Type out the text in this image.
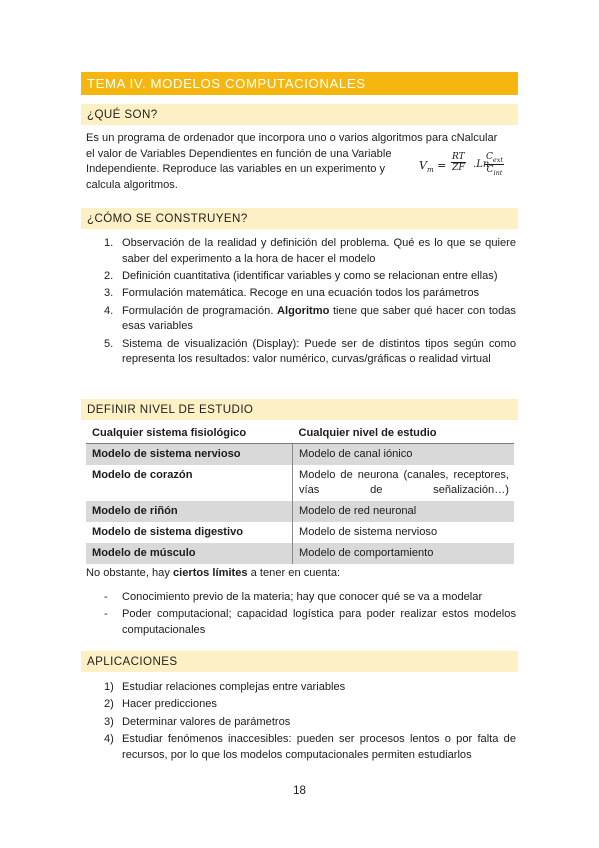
TEMA IV. MODELOS COMPUTACIONALES
¿QUÉ SON?
Es un programa de ordenador que incorpora uno o varios algoritmos para cNalcular
el valor de Variables Dependientes en función de una Variable
Independiente. Reproduce las variables en un experimento y
calcula algoritmos.
$V_m = \frac{RT}{ZF} .Ln$
$C_{ext}$
$C_{int}$
¿CÓMO SE CONSTRUYEN?
1. Observación de la realidad y definición del problema. Qué es lo que se quiere saber del experimento a la hora de hacer el modelo
2. Definición cuantitativa (identificar variables y como se relacionan entre ellas)
3. Formulación matemática. Recoge en una ecuación todos los parámetros
4. Formulación de programación. Algoritmo tiene que saber qué hacer con todas esas variables
5. Sistema de visualización (Display): Puede ser de distintos tipos según como representa los resultados: valor numérico, curvas/gráficas o realidad virtual
DEFINIR NIVEL DE ESTUDIO
Cualquier sistema fisiológico	Cualquier nivel de estudio
Modelo de sistema nervioso	Modelo de canal iónico
Modelo de corazón	Modelo de neurona (canales, receptores, vías de señalización…)
Modelo de riñón	Modelo de red neuronal
Modelo de sistema digestivo	Modelo de sistema nervioso
Modelo de músculo	Modelo de comportamiento
No obstante, hay ciertos límites a tener en cuenta:
- Conocimiento previo de la materia; hay que conocer qué se va a modelar
- Poder computacional; capacidad logística para poder realizar estos modelos computacionales
APLICACIONES
1) Estudiar relaciones complejas entre variables
2) Hacer predicciones
3) Determinar valores de parámetros
4) Estudiar fenómenos inaccesibles: pueden ser procesos lentos o por falta de recursos, por lo que los modelos computacionales permiten estudiarlos
18
